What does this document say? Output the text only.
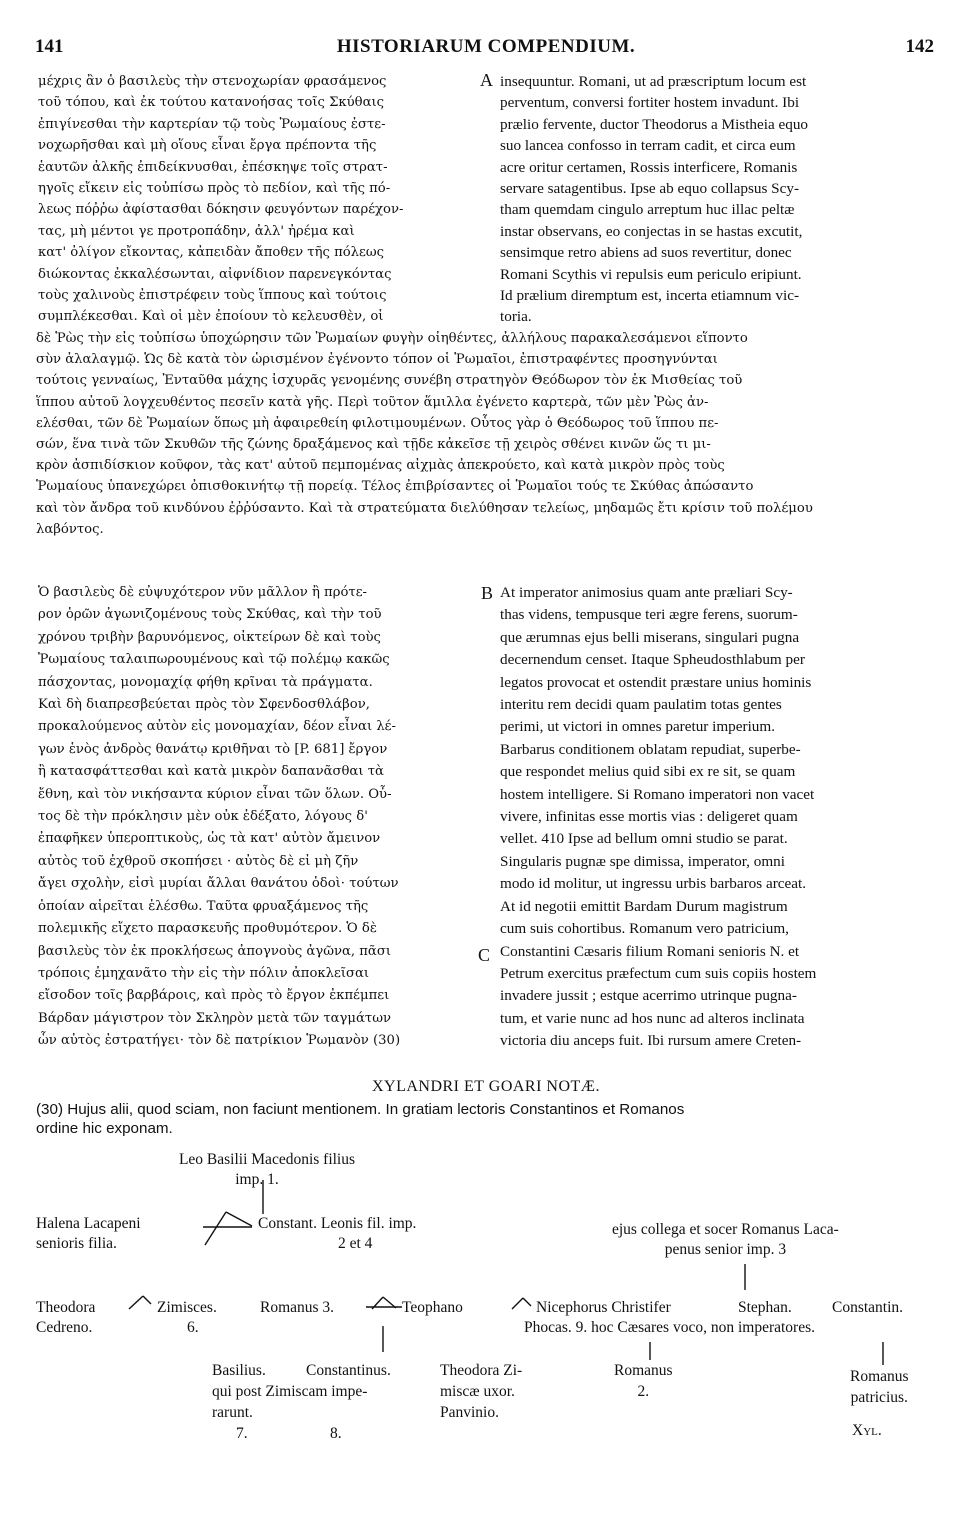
141	HISTORIARUM COMPENDIUM.	142
μέχρις ἂν ὁ βασιλεὺς τὴν στενοχωρίαν φρασάμενος
τοῦ τόπου, καὶ ἐκ τούτου κατανοήσας τοῖς Σκύθαις
ἐπιγίνεσθαι τὴν καρτερίαν τῷ τοὺς Ῥωμαίους ἐστε-
νοχωρῆσθαι καὶ μὴ οἵους εἶναι ἔργα πρέποντα τῆς
ἑαυτῶν ἀλκῆς ἐπιδείκνυσθαι, ἐπέσκηψε τοῖς στρατ-
ηγοῖς εἴκειν εἰς τοὐπίσω πρὸς τὸ πεδίον, καὶ τῆς πό-
λεως πόῤῥω ἀφίστασθαι δόκησιν φευγόντων παρέχον-
τας, μὴ μέντοι γε προτροπάδην, ἀλλ' ἠρέμα καὶ
κατ' ὀλίγον εἴκοντας, κἀπειδὰν ἄποθεν τῆς πόλεως
διώκοντας ἐκκαλέσωνται, αἰφνίδιον παρενεγκόντας
τοὺς χαλινοὺς ἐπιστρέφειν τοὺς ἵππους καὶ τούτοις
συμπλέκεσθαι. Καὶ οἱ μὲν ἐποίουν τὸ κελευσθὲν, οἱ
A insequuntur. Romani, ut ad præscriptum locum est
perventum, conversi fortiter hostem invadunt. Ibi
prælio fervente, ductor Theodorus a Mistheia equo
suo lancea confosso in terram cadit, et circa eum
acre oritur certamen, Rossis interficere, Romanis
servare satagentibus. Ipse ab equo collapsus Scy-
tham quemdam cingulo arreptum huc illac peltæ
instar observans, eo conjectas in se hastas excutit,
sensimque retro abiens ad suos revertitur, donec
Romani Scythis vi repulsis eum periculo eripiunt.
Id prælium diremptum est, incerta etiamnum vic-
toria.
δὲ Ῥὼς τὴν εἰς τοὐπίσω ὑποχώρησιν τῶν Ῥωμαίων φυγὴν οἰηθέντες, ἀλλήλους παρακαλεσάμενοι εἵποντο
σὺν ἀλαλαγμῷ. Ὡς δὲ κατὰ τὸν ὡρισμένον ἐγένοντο τόπον οἱ Ῥωμαῖοι, ἐπιστραφέντες προσηγνύνται
τούτοις γενναίως, Ἐνταῦθα μάχης ἰσχυρᾶς γενομένης συνέβη στρατηγὸν Θεόδωρον τὸν ἐκ Μισθείας τοῦ
ἵππου αὐτοῦ λογχευθέντος πεσεῖν κατὰ γῆς. Περὶ τοῦτον ἅμιλλα ἐγένετο καρτερὰ, τῶν μὲν Ῥὼς ἀν-
ελέσθαι, τῶν δὲ Ῥωμαίων ὅπως μὴ ἀφαιρεθείη φιλοτιμουμένων. Οὗτος γὰρ ὁ Θεόδωρος τοῦ ἵππου πε-
σών, ἕνα τινὰ τῶν Σκυθῶν τῆς ζώνης δραξάμενος καὶ τῇδε κἀκεῖσε τῇ χειρὸς σθένει κινῶν ὥς τι μι-
κρὸν ἀσπιδίσκιον κοῦφον, τὰς κατ' αὐτοῦ πεμπομένας αἰχμὰς ἀπεκρούετο, καὶ κατὰ μικρὸν πρὸς τοὺς
Ῥωμαίους ὑπανεχώρει ὀπισθοκινήτῳ τῇ πορείᾳ. Τέλος ἐπιβρίσαντες οἱ Ῥωμαῖοι τούς τε Σκύθας ἀπώσαντο
καὶ τὸν ἄνδρα τοῦ κινδύνου ἐῤῥύσαντο. Καὶ τὰ στρατεύματα διελύθησαν τελείως, μηδαμῶς ἔτι κρίσιν τοῦ πολέμου
λαβόντος.
Ὁ βασιλεὺς δὲ εὐψυχότερον νῦν μᾶλλον ἢ πρότε-
ρον ὁρῶν ἀγωνιζομένους τοὺς Σκύθας, καὶ τὴν τοῦ
χρόνου τριβὴν βαρυνόμενος, οἰκτείρων δὲ καὶ τοὺς
Ῥωμαίους ταλαιπωρουμένους καὶ τῷ πολέμῳ κακῶς
πάσχοντας, μονομαχίᾳ φήθη κρῖναι τὰ πράγματα.
Καὶ δὴ διαπρεσβεύεται πρὸς τὸν Σφενδοσθλάβον,
προκαλούμενος αὐτὸν εἰς μονομαχίαν, δέον εἶναι λέ-
γων ἑνὸς ἀνδρὸς θανάτῳ κριθῆναι τὸ [P. 681] ἔργον
ἢ κατασφάττεσθαι καὶ κατὰ μικρὸν δαπανᾶσθαι τὰ
ἔθνη, καὶ τὸν νικήσαντα κύριον εἶναι τῶν ὅλων. Οὗ-
τος δὲ τὴν πρόκλησιν μὲν οὐκ ἐδέξατο, λόγους δ'
ἐπαφῆκεν ὑπεροπτικοὺς, ὡς τὰ κατ' αὐτὸν ἄμεινον
αὐτὸς τοῦ ἐχθροῦ σκοπήσει · αὐτὸς δὲ εἰ μὴ ζῆν
ἄγει σχολὴν, εἰσὶ μυρίαι ἄλλαι θανάτου ὁδοὶ· τούτων
ὁποίαν αἱρεῖται ἑλέσθω. Ταῦτα φρυαξάμενος τῆς
πολεμικῆς εἴχετο παρασκευῆς προθυμότερον. Ὁ δὲ
βασιλεὺς τὸν ἐκ προκλήσεως ἀπογνοὺς ἀγῶνα, πᾶσι
τρόποις ἐμηχανᾶτο τὴν εἰς τὴν πόλιν ἀποκλεῖσαι
εἴσοδον τοῖς βαρβάροις, καὶ πρὸς τὸ ἔργον ἐκπέμπει
Βάρδαν μάγιστρον τὸν Σκληρὸν μετὰ τῶν ταγμάτων
ὧν αὐτὸς ἐστρατήγει· τὸν δὲ πατρίκιον Ῥωμανὸν (30)
B
C
At imperator animosius quam ante præliari Scy-
thas videns, tempusque teri ægre ferens, suorum-
que ærumnas ejus belli miserans, singulari pugna
decernendum censet. Itaque Spheudosthlabum per
legatos provocat et ostendit præstare unius hominis
interitu rem decidi quam paulatim totas gentes
perimi, ut victori in omnes paretur imperium.
Barbarus conditionem oblatam repudiat, superbe-
que respondet melius quid sibi ex re sit, se quam
hostem intelligere. Si Romano imperatori non vacet
vivere, infinitas esse mortis vias : deligeret quam
vellet. 410 Ipse ad bellum omni studio se parat.
Singularis pugnæ spe dimissa, imperator, omni
modo id molitur, ut ingressu urbis barbaros arceat.
At id negotii emittit Bardam Durum magistrum
cum suis cohortibus. Romanum vero patricium,
Constantini Cæsaris filium Romani senioris N. et
Petrum exercitus præfectum cum suis copiis hostem
invadere jussit ; estque acerrimo utrinque pugna-
tum, et varie nunc ad hos nunc ad alteros inclinata
victoria diu anceps fuit. Ibi rursum amere Creten-
XYLANDRI ET GOARI NOTÆ.
(30) Hujus alii, quod sciam, non faciunt mentionem. In gratiam lectoris Constantinos et Romanos
ordine hic exponam.
Leo Basilii Macedonis filius
imp. 1.
Halena Lacapeni
senioris filia.
Constant. Leonis fil. imp.
2 et 4
ejus collega et socer Romanus Laca-
penus senior imp. 3
Theodora
Cedreno.
Zimisces.
6.
Romanus 3.	Teophano	Nicephorus Christifer
Phocas. 9. hoc Cæsares voco, non imperatores.
Stephan.	Constantin.
Basilius.
qui post Zimiscam impe-
rarunt.
7.
Constantinus.
8.
Theodora Zi-
miscæ uxor.
Panvinio.
Romanus
2.
Romanus
patricius.
Xyl.
